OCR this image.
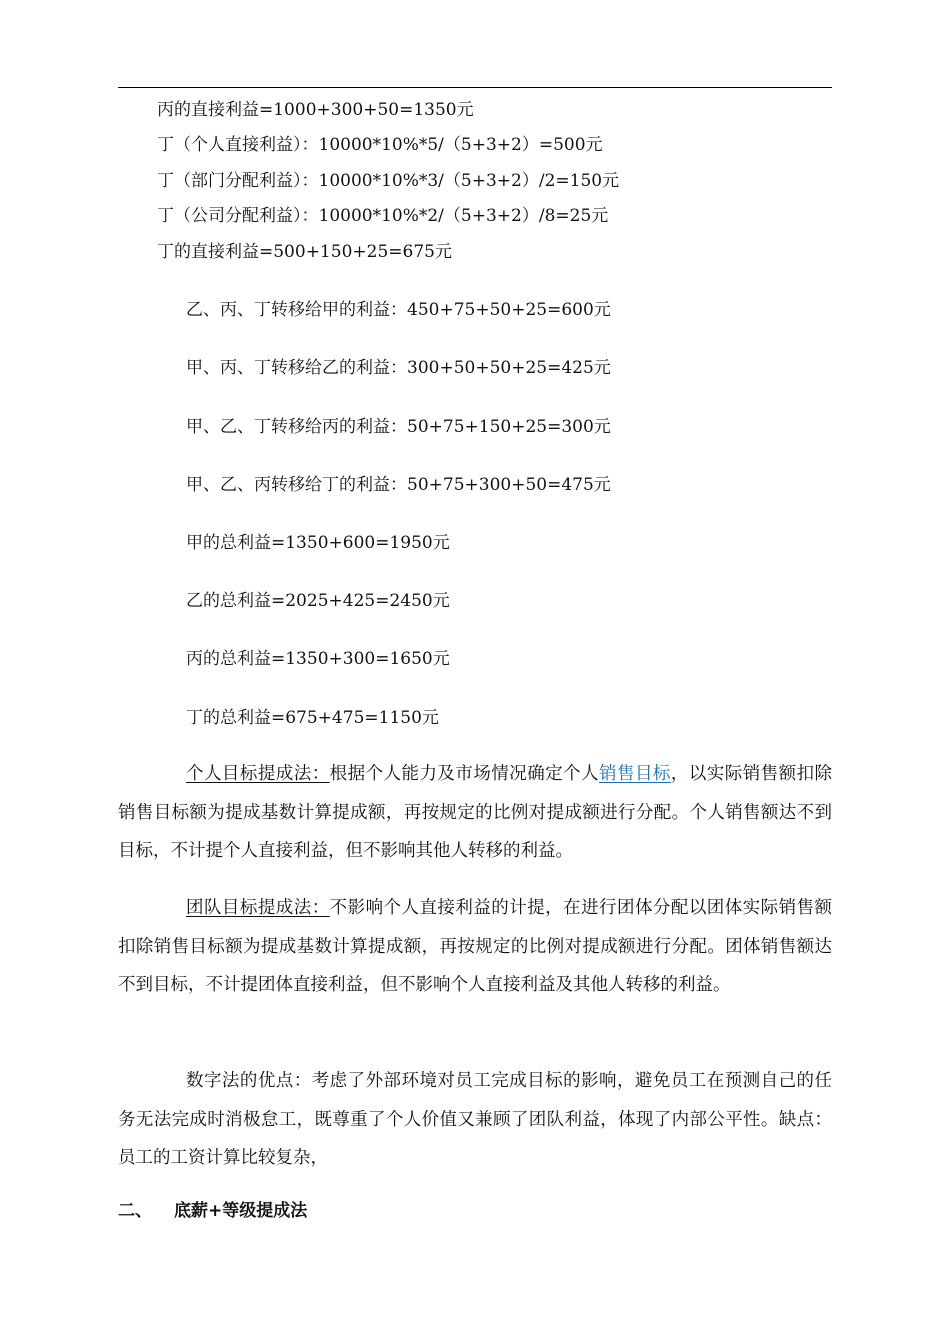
丙的直接利益=1000+300+50=1350元
丁（个人直接利益）：10000*10%*5/（5+3+2）=500元
丁（部门分配利益）：10000*10%*3/（5+3+2）/2=150元
丁（公司分配利益）：10000*10%*2/（5+3+2）/8=25元
丁的直接利益=500+150+25=675元
乙、丙、丁转移给甲的利益：450+75+50+25=600元
甲、丙、丁转移给乙的利益：300+50+50+25=425元
甲、乙、丁转移给丙的利益：50+75+150+25=300元
甲、乙、丙转移给丁的利益：50+75+300+50=475元
甲的总利益=1350+600=1950元
乙的总利益=2025+425=2450元
丙的总利益=1350+300=1650元
丁的总利益=675+475=1150元
个人目标提成法：根据个人能力及市场情况确定个人销售目标，以实际销售额扣除销售目标额为提成基数计算提成额，再按规定的比例对提成额进行分配。个人销售额达不到目标，不计提个人直接利益，但不影响其他人转移的利益。
团队目标提成法：不影响个人直接利益的计提，在进行团体分配以团体实际销售额扣除销售目标额为提成基数计算提成额，再按规定的比例对提成额进行分配。团体销售额达不到目标，不计提团体直接利益，但不影响个人直接利益及其他人转移的利益。
数字法的优点：考虑了外部环境对员工完成目标的影响，避免员工在预测自己的任务无法完成时消极怠工，既尊重了个人价值又兼顾了团队利益，体现了内部公平性。缺点：员工的工资计算比较复杂，
二、 底薪+等级提成法
